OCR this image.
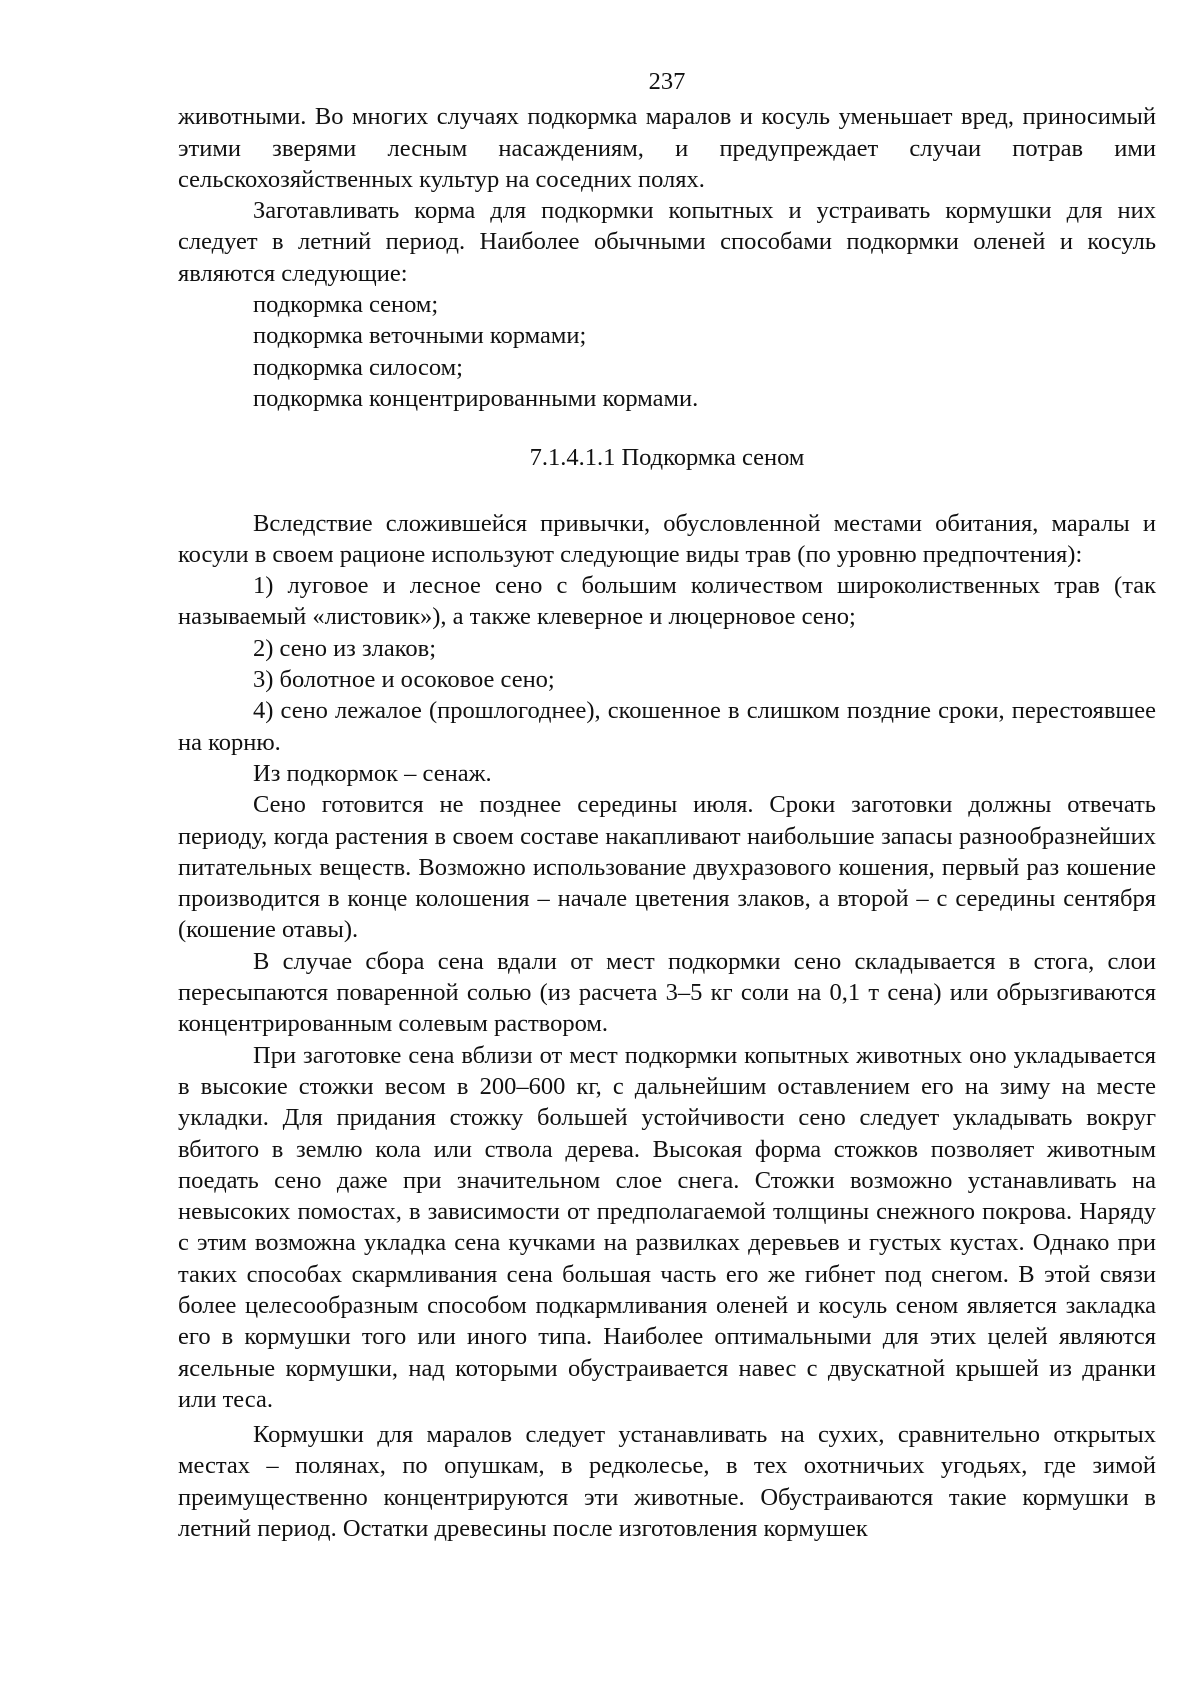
237

животными. Во многих случаях подкормка маралов и косуль уменьшает вред, приносимый этими зверями лесным насаждениям, и предупреждает случаи потрав ими сельскохозяйственных культур на соседних полях.

Заготавливать корма для подкормки копытных и устраивать кормушки для них следует в летний период. Наиболее обычными способами подкормки оленей и косуль являются следующие:

подкормка сеном;

подкормка веточными кормами;

подкормка силосом;

подкормка концентрированными кормами.

7.1.4.1.1 Подкормка сеном

Вследствие сложившейся привычки, обусловленной местами обитания, маралы и косули в своем рационе используют следующие виды трав (по уровню предпочтения):

1) луговое и лесное сено с большим количеством широколиственных трав (так называемый «листовик»), а также клеверное и люцерновое сено;

2) сено из злаков;

3) болотное и осоковое сено;

4) сено лежалое (прошлогоднее), скошенное в слишком поздние сроки, перестоявшее на корню.

Из подкормок – сенаж.

Сено готовится не позднее середины июля. Сроки заготовки должны отвечать периоду, когда растения в своем составе накапливают наибольшие запасы разнообразнейших питательных веществ. Возможно использование двухразового кошения, первый раз кошение производится в конце колошения – начале цветения злаков, а второй – с середины сентября (кошение отавы).

В случае сбора сена вдали от мест подкормки сено складывается в стога, слои пересыпаются поваренной солью (из расчета 3–5 кг соли на 0,1 т сена) или обрызгиваются концентрированным солевым раствором.

При заготовке сена вблизи от мест подкормки копытных животных оно укладывается в высокие стожки весом в 200–600 кг, с дальнейшим оставлением его на зиму на месте укладки. Для придания стожку большей устойчивости сено следует укладывать вокруг вбитого в землю кола или ствола дерева. Высокая форма стожков позволяет животным поедать сено даже при значительном слое снега. Стожки возможно устанавливать на невысоких помостах, в зависимости от предполагаемой толщины снежного покрова. Наряду с этим возможна укладка сена кучками на развилках деревьев и густых кустах. Однако при таких способах скармливания сена большая часть его же гибнет под снегом. В этой связи более целесообразным способом подкармливания оленей и косуль сеном является закладка его в кормушки того или иного типа. Наиболее оптимальными для этих целей являются ясельные кормушки, над которыми обустраивается навес с двускатной крышей из дранки или теса.

Кормушки для маралов следует устанавливать на сухих, сравнительно открытых местах – полянах, по опушкам, в редколесье, в тех охотничьих угодьях, где зимой преимущественно концентрируются эти животные. Обустраиваются такие кормушки в летний период. Остатки древесины после изготовления кормушек
